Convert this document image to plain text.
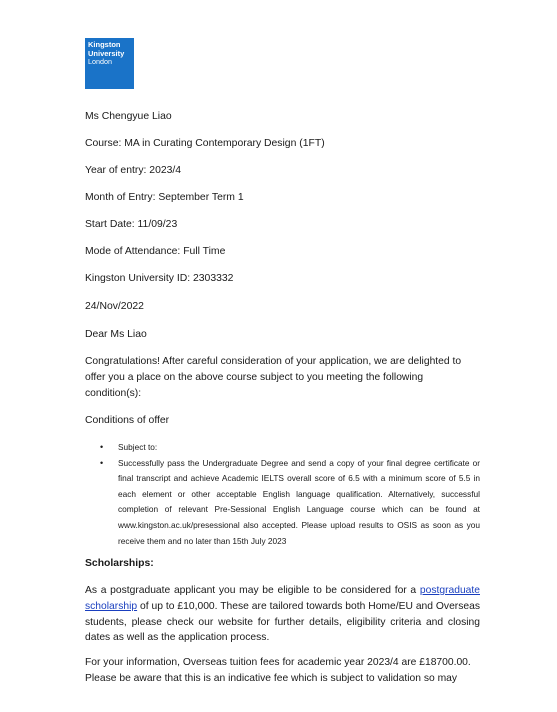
Kingston
University
London
Ms Chengyue Liao
Course: MA in Curating Contemporary Design (1FT)
Year of entry: 2023/4
Month of Entry: September Term 1
Start Date: 11/09/23
Mode of Attendance: Full Time
Kingston University ID: 2303332
24/Nov/2022
Dear Ms Liao
Congratulations! After careful consideration of your application, we are delighted to offer you a place on the above course subject to you meeting the following condition(s):
Conditions of offer
• Subject to:
• Successfully pass the Undergraduate Degree and send a copy of your final degree certificate or final transcript and achieve Academic IELTS overall score of 6.5 with a minimum score of 5.5 in each element or other acceptable English language qualification. Alternatively, successful completion of relevant Pre-Sessional English Language course which can be found at www.kingston.ac.uk/presessional also accepted. Please upload results to OSIS as soon as you receive them and no later than 15th July 2023
Scholarships:
As a postgraduate applicant you may be eligible to be considered for a postgraduate scholarship of up to £10,000. These are tailored towards both Home/EU and Overseas students, please check our website for further details, eligibility criteria and closing dates as well as the application process.
For your information, Overseas tuition fees for academic year 2023/4 are £18700.00. Please be aware that this is an indicative fee which is subject to validation so may
